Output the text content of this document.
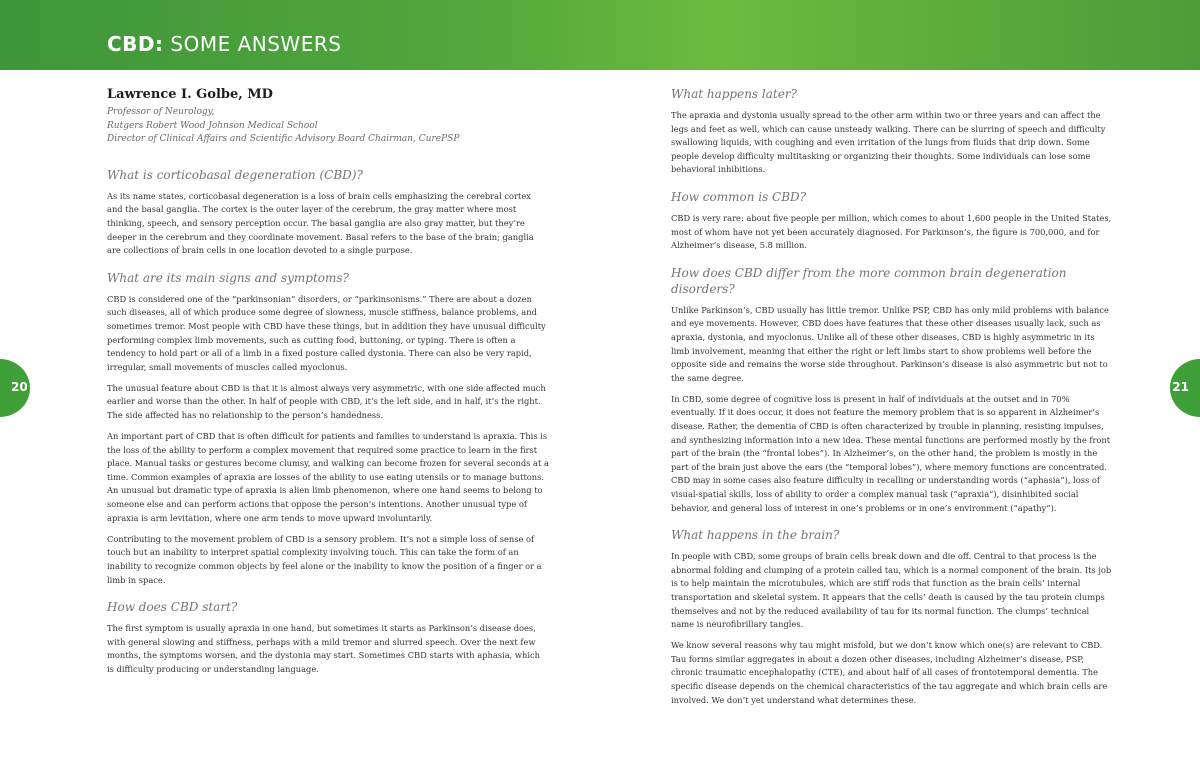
CBD: SOME ANSWERS
Lawrence I. Golbe, MD
Professor of Neurology,
Rutgers Robert Wood Johnson Medical School
Director of Clinical Affairs and Scientific Advisory Board Chairman, CurePSP
What is corticobasal degeneration (CBD)?

As its name states, corticobasal degeneration is a loss of brain cells emphasizing the cerebral cortex and the basal ganglia. The cortex is the outer layer of the cerebrum, the gray matter where most thinking, speech, and sensory perception occur. The basal ganglia are also gray matter, but they’re deeper in the cerebrum and they coordinate movement. Basal refers to the base of the brain; ganglia are collections of brain cells in one location devoted to a single purpose.

What are its main signs and symptoms?

CBD is considered one of the “parkinsonian” disorders, or “parkinsonisms.” There are about a dozen such diseases, all of which produce some degree of slowness, muscle stiffness, balance problems, and sometimes tremor. Most people with CBD have these things, but in addition they have unusual difficulty performing complex limb movements, such as cutting food, buttoning, or typing. There is often a tendency to hold part or all of a limb in a fixed posture called dystonia. There can also be very rapid, irregular, small movements of muscles called myoclonus.

The unusual feature about CBD is that it is almost always very asymmetric, with one side affected much earlier and worse than the other. In half of people with CBD, it’s the left side, and in half, it’s the right. The side affected has no relationship to the person’s handedness.

An important part of CBD that is often difficult for patients and families to understand is apraxia. This is the loss of the ability to perform a complex movement that required some practice to learn in the first place. Manual tasks or gestures become clumsy, and walking can become frozen for several seconds at a time. Common examples of apraxia are losses of the ability to use eating utensils or to manage buttons. An unusual but dramatic type of apraxia is alien limb phenomenon, where one hand seems to belong to someone else and can perform actions that oppose the person’s intentions. Another unusual type of apraxia is arm levitation, where one arm tends to move upward involuntarily.

Contributing to the movement problem of CBD is a sensory problem. It’s not a simple loss of sense of touch but an inability to interpret spatial complexity involving touch. This can take the form of an inability to recognize common objects by feel alone or the inability to know the position of a finger or a limb in space.

How does CBD start?

The first symptom is usually apraxia in one hand, but sometimes it starts as Parkinson’s disease does, with general slowing and stiffness, perhaps with a mild tremor and slurred speech. Over the next few months, the symptoms worsen, and the dystonia may start. Sometimes CBD starts with aphasia, which is difficulty producing or understanding language.

What happens later?

The apraxia and dystonia usually spread to the other arm within two or three years and can affect the legs and feet as well, which can cause unsteady walking. There can be slurring of speech and difficulty swallowing liquids, with coughing and even irritation of the lungs from fluids that drip down. Some people develop difficulty multitasking or organizing their thoughts. Some individuals can lose some behavioral inhibitions.

How common is CBD?

CBD is very rare: about five people per million, which comes to about 1,600 people in the United States, most of whom have not yet been accurately diagnosed. For Parkinson’s, the figure is 700,000, and for Alzheimer’s disease, 5.8 million.

How does CBD differ from the more common brain degeneration disorders?

Unlike Parkinson’s, CBD usually has little tremor. Unlike PSP, CBD has only mild problems with balance and eye movements. However, CBD does have features that these other diseases usually lack, such as apraxia, dystonia, and myoclonus. Unlike all of these other diseases, CBD is highly asymmetric in its limb involvement, meaning that either the right or left limbs start to show problems well before the opposite side and remains the worse side throughout. Parkinson’s disease is also asymmetric but not to the same degree.

In CBD, some degree of cognitive loss is present in half of individuals at the outset and in 70% eventually. If it does occur, it does not feature the memory problem that is so apparent in Alzheimer’s disease. Rather, the dementia of CBD is often characterized by trouble in planning, resisting impulses, and synthesizing information into a new idea. These mental functions are performed mostly by the front part of the brain (the “frontal lobes”). In Alzheimer’s, on the other hand, the problem is mostly in the part of the brain just above the ears (the “temporal lobes”), where memory functions are concentrated. CBD may in some cases also feature difficulty in recalling or understanding words (“aphasia”), loss of visual-spatial skills, loss of ability to order a complex manual task (“apraxia”), disinhibited social behavior, and general loss of interest in one’s problems or in one’s environment (“apathy”).

What happens in the brain?

In people with CBD, some groups of brain cells break down and die off. Central to that process is the abnormal folding and clumping of a protein called tau, which is a normal component of the brain. Its job is to help maintain the microtubules, which are stiff rods that function as the brain cells’ internal transportation and skeletal system. It appears that the cells’ death is caused by the tau protein clumps themselves and not by the reduced availability of tau for its normal function. The clumps’ technical name is neurofibrillary tangles.

We know several reasons why tau might misfold, but we don’t know which one(s) are relevant to CBD. Tau forms similar aggregates in about a dozen other diseases, including Alzheimer’s disease, PSP, chronic traumatic encephalopathy (CTE), and about half of all cases of frontotemporal dementia. The specific disease depends on the chemical characteristics of the tau aggregate and which brain cells are involved. We don’t yet understand what determines these.

20	21
